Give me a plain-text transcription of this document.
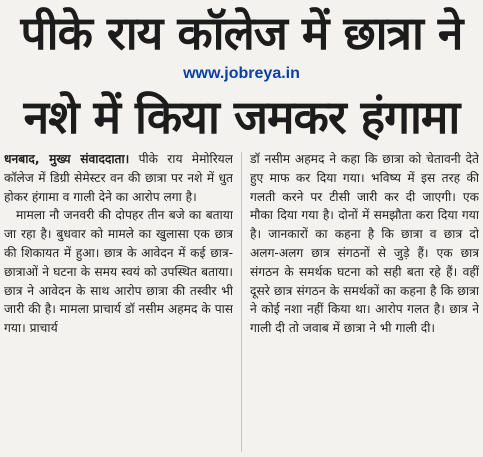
पीके राय कॉलेज में छात्रा ने
www.jobreya.in
नशे में किया जमकर हंगामा

धनबाद, मुख्य संवाददाता। पीके राय मेमोरियल कॉलेज में डिग्री सेमेस्टर वन की छात्रा पर नशे में धुत होकर हंगामा व गाली देने का आरोप लगा है।

मामला नौ जनवरी की दोपहर तीन बजे का बताया जा रहा है। बुधवार को मामले का खुलासा एक छात्र की शिकायत में हुआ। छात्र के आवेदन में कई छात्र-छात्राओं ने घटना के समय स्वयं को उपस्थित बताया। छात्र ने आवेदन के साथ आरोप छात्रा की तस्वीर भी जारी की है। मामला प्राचार्य डॉ नसीम अहमद के पास गया। प्राचार्य

डॉ नसीम अहमद ने कहा कि छात्रा को चेतावनी देते हुए माफ कर दिया गया। भविष्य में इस तरह की गलती करने पर टीसी जारी कर दी जाएगी। एक मौका दिया गया है। दोनों में समझौता करा दिया गया है। जानकारों का कहना है कि छात्रा व छात्र दो अलग-अलग छात्र संगठनों से जुड़े हैं। एक छात्र संगठन के समर्थक घटना को सही बता रहे हैं। वहीं दूसरे छात्र संगठन के समर्थकों का कहना है कि छात्रा ने कोई नशा नहीं किया था। आरोप गलत है। छात्र ने गाली दी तो जवाब में छात्रा ने भी गाली दी।
